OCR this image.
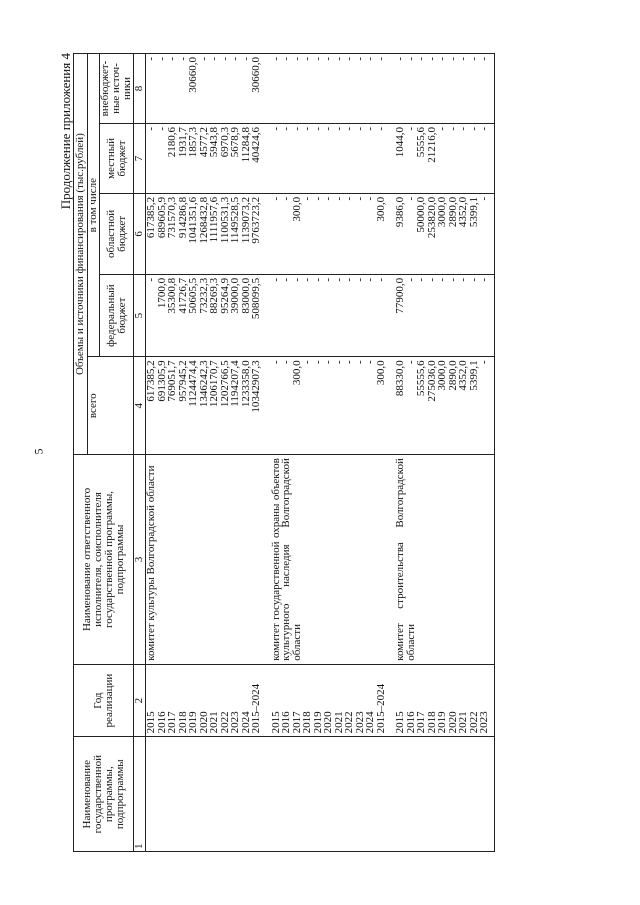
5
Продолжение приложения 4
Наименование государственной программы, подпрограммы	Год реализации	Наименование ответственного исполнителя, соисполнителя государственной программы, подпрограммы	Объемы и источники финансирования (тыс.рублей)				
			всего	в том числе			
				федеральный бюджет	областной бюджет	местный бюджет	внебюджет-ные источ-ники
1	2	3	4	5	6	7	8
	2015	комитет культуры Волгоградской области	617385,2	-	617385,2	-	-
	2016		691305,9	1700,0	689605,9	-	-
	2017		769051,7	35300,8	731570,3	2180,6	-
	2018		957945,2	41726,7	914286,8	1931,7	-
	2019		1124474,4	50605,5	1041351,6	1857,3	30660,0
	2020		1346242,3	73232,3	1268432,8	4577,2	-
	2021		1206170,7	88269,3	1111957,6	5943,8	-
	2022		1202766,5	95264,9	1100531,3	6970,3	-
	2023		1194207,4	39000,0	1149528,5	5678,9	-
	2024		1233358,0	83000,0	1139073,2	11284,8	-
	2015–2024		10342907,3	508099,5	9763723,2	40424,6	30660,0

	2015	комитет государственной охраны объектов культурного наследия Волгоградской области	-	-	-	-	-
	2016		-	-	-	-	-
	2017		300,0	-	300,0	-	-
	2018		-	-	-	-	-
	2019		-	-	-	-	-
	2020		-	-	-	-	-
	2021		-	-	-	-	-
	2022		-	-	-	-	-
	2023		-	-	-	-	-
	2024		-	-	-	-	-
	2015–2024		300,0	-	300,0	-	-

	2015	комитет строительства Волгоградской области	88330,0	77900,0	9386,0	1044,0	-
	2016		-	-	-	-	-
	2017		55555,6	-	50000,0	5555,6	-
	2018		275036,0	-	253820,0	21216,0	-
	2019		3000,0	-	3000,0	-	-
	2020		2890,0	-	2890,0	-	-
	2021		4352,0	-	4352,0	-	-
	2022		5399,1	-	5399,1	-	-
	2023		-	-	-	-	-
